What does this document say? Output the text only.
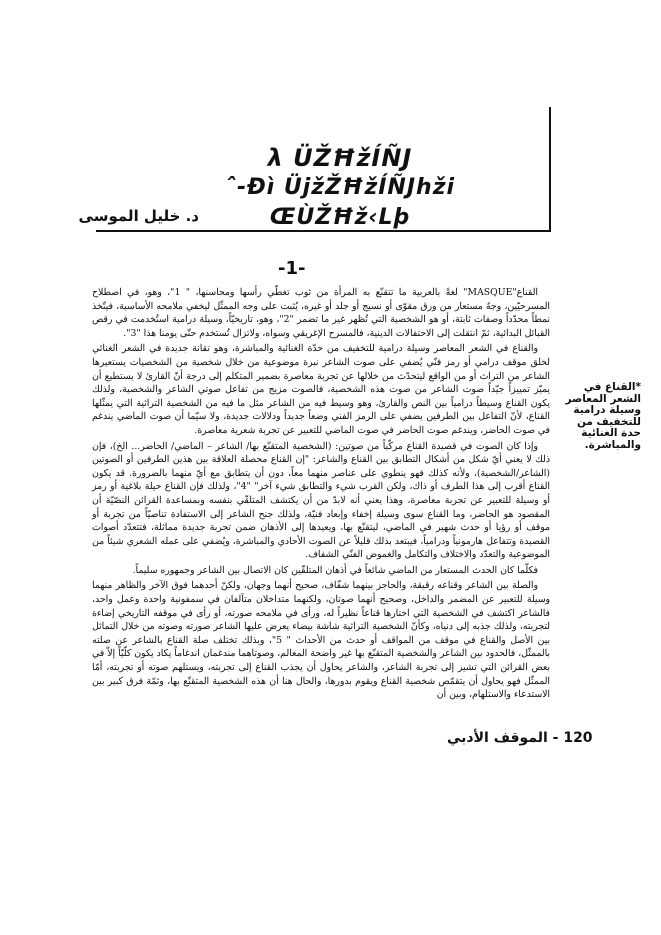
λ ÜŽĦžÍÑJ
ˆ-Ðì ÜjžŽĦžÍÑJhži ŒÙŽĦž‹Lþ
د. خليل الموسى
-1-

القناع"MASQUE" لغةً بالعربية ما تتقنّع به المرأة من ثوب تغطّي رأسها ومحاسنها، " 1"، وهو، في اصطلاح المسرحيّين، وجهٌ مستعار من ورق مقوّى أو نسيج أو جلد أو غيره، يُثبت على وجه الممثّل ليخفي ملامحه الأساسية، فيتّخذ نمطاً محدّداً وصفات ثابتة، أو هو الشخصية التي تُظهر غير ما تضمر "2"، وهو، تاريخيّاً، وسيلة درامية استُخدمت في رقص القبائل البدائية، ثمّ انتقلت إلى الاحتفالات الدينية، فالمسرح الإغريقي وسواه، ولاتزال تُستخدم حتّى يومنا هذا "3".

والقناع في الشعر المعاصر وسيلة درامية للتخفيف من حدّة الغنائية والمباشرة، وهو تقانة جديدة في الشعر الغنائي لخلق موقف درامي أو رمز فنّي يُضفي على صوت الشاعر نبرة موضوعية من خلال شخصية من الشخصيات يستعيرها الشاعر من التراث أو من الواقع ليتحدّث من خلالها عن تجربة معاصرة بضمير المتكلم إلى درجة أنّ القارئ لا يستطيع أن يميّز تمييزاً جيّداً صوت الشاعر من صوت هذه الشخصية، فالصوت مزيج من تفاعل صوتي الشاعر والشخصية، ولذلك يكون القناع وسيطاً درامياً بين النص والقارئ، وهو وسيط فيه من الشاعر مثل ما فيه من الشخصية التراثية التي يمثّلها القناع، لأنّ التفاعل بين الطرفين يضفي على الرمز الفني وضعاً جديداً ودلالات جديدة، ولا سيّما أن صوت الماضي يندغم في صوت الحاضر، ويندغم صوت الحاضر في صوت الماضي للتعبير عن تجربة شعرية معاصرة.

وإذا كان الصوت في قصيدة القناع مركّباً من صوتين: (الشخصية المتقنّع بها/ الشاعر – الماضي/ الحاضر... الخ)، فإن ذلك لا يعني أيّ شكل من أشكال التطابق بين القناع والشاعر: "إن القناع محصلة العلاقة بين هذين الطرفين أو الصوتين (الشاعر/الشخصية)، ولأنه كذلك فهو ينطوي على عناصر منهما معاً، دون أن يتطابق مع أيّ منهما بالضرورة. قد يكون القناع أقرب إلى هذا الطرف أو ذاك، ولكن القرب شيء والتطابق شيء آخر" "4"، ولذلك فإن القناع حيلة بلاغية أو رمز أو وسيلة للتعبير عن تجربة معاصرة، وهذا يعني أنه لابدّ من أن يكتشف المتلقّي بنفسه وبمساعدة القرائن النصّيّة أن المقصود هو الحاضر، وما القناع سوى وسيلة إخفاء وإبعاد فنيّة، ولذلك جنح الشاعر إلى الاستفادة تناصيّاً من تجربة أو موقف أو رؤيا أو حدث شهير في الماضي، ليتقنّع بها، ويعيدها إلى الأذهان ضمن تجربة جديدة مماثلة، فتتعدّد أصوات القصيدة وتتفاعل هارمونياً ودرامياً، فيبتعد بذلك قليلاً عن الصوت الأحادي والمباشرة، ويُضفي على عمله الشعري شيئاً من الموضوعية والتعدّد والاختلاف والتكامل والغموض الفنّي الشفاف.

فكلّما كان الحدث المستعار من الماضي شائعاً في أذهان المتلقّين كان الاتصال بين الشاعر وجمهوره سليماً.

والصلة بين الشاعر وقناعه رقيقة، والحاجز بينهما شفّاف، صحيح أنهما وجهان، ولكنّ أحدهما فوق الآخر والظاهر منهما وسيلة للتعبير عن المضمر والداخل، وصحيح أنهما صوتان، ولكنهما متداخلان متآلفان في سمفونية واحدة وعمل واحد، فالشاعر اكتشف في الشخصية التي اختارها قناعاً نظيراً له، ورأى في ملامحه صورته، أو رأى في موقفه التاريخي إضاءة لتجربته، ولذلك جذبه إلى دنياه، وكأنّ الشخصية التراثية شاشة بيضاء يعرض عليها الشاعر صورته وصوته من خلال التماثل بين الأصل والقناع في موقف من المواقف أو حدث من الأحداث " 5"، وبذلك تختلف صلة القناع بالشاعر عن صلته بالممثّل، فالحدود بين الشاعر والشخصية المتقنّع بها غير واضحة المعالم، وصوتاهما مندغمان اندغاماً يكاد يكون كلّيّاً إلاّ في بعض القرائن التي تشير إلى تجربة الشاعر، والشاعر يحاول أن يجذب القناع إلى تجربته، ويستلهم صوته أو تجربته، أمّا الممثّل فهو يحاول أن يتقمّص شخصية القناع ويقوم بدورها، والحال هنا أن هذه الشخصية المتقنّع بها، وثمّة فرق كبير بين الاستدعاء والاستلهام، وبين أن

*القناع في الشعر المعاصر وسيلة درامية للتخفيف من حدة الغنائية والمباشرة.
120 - الموقف الأدبي
